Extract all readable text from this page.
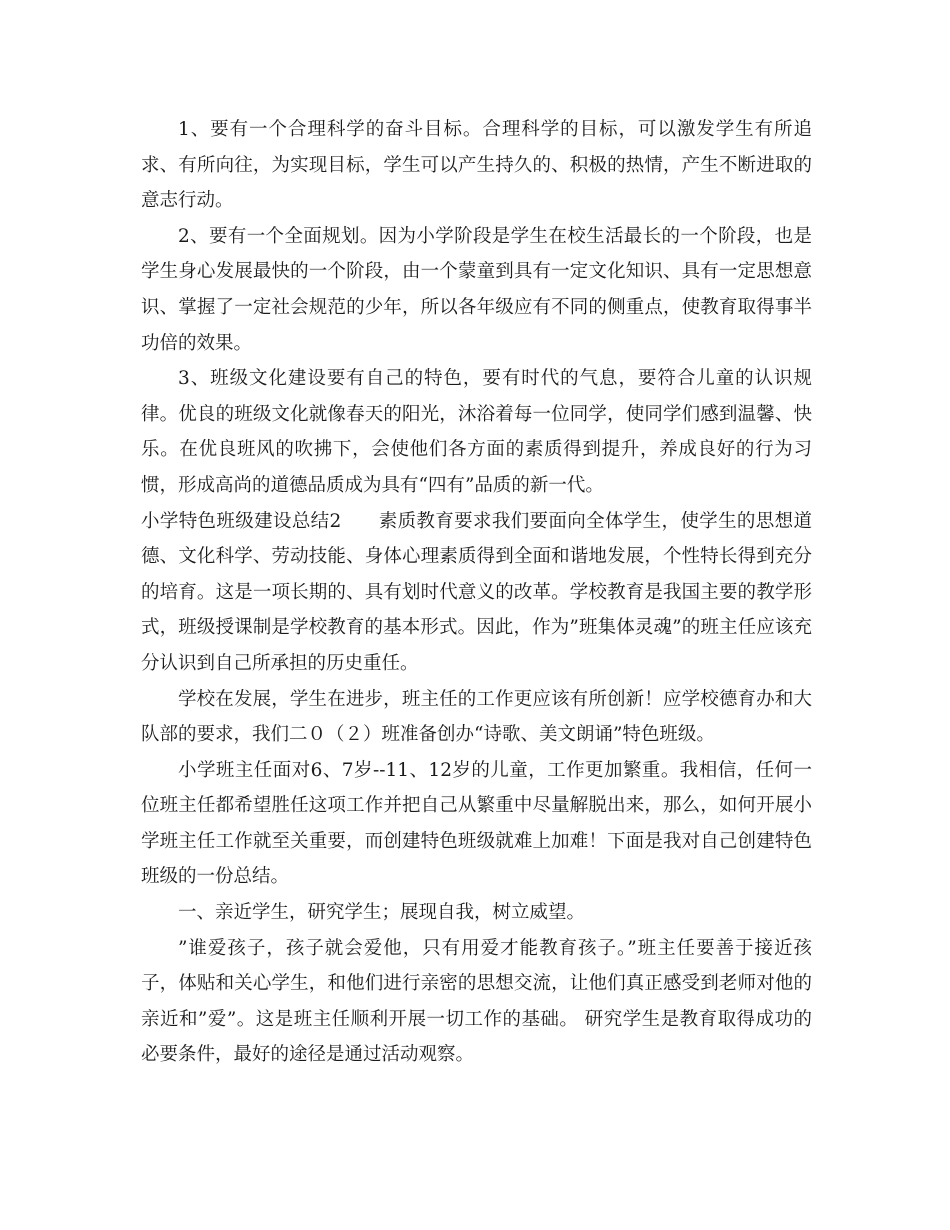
1、要有一个合理科学的奋斗目标。合理科学的目标，可以激发学生有所追求、有所向往，为实现目标，学生可以产生持久的、积极的热情，产生不断进取的意志行动。

2、要有一个全面规划。因为小学阶段是学生在校生活最长的一个阶段，也是学生身心发展最快的一个阶段，由一个蒙童到具有一定文化知识、具有一定思想意识、掌握了一定社会规范的少年，所以各年级应有不同的侧重点，使教育取得事半功倍的效果。

3、班级文化建设要有自己的特色，要有时代的气息，要符合儿童的认识规律。优良的班级文化就像春天的阳光，沐浴着每一位同学，使同学们感到温馨、快乐。在优良班风的吹拂下，会使他们各方面的素质得到提升，养成良好的行为习惯，形成高尚的道德品质成为具有“四有”品质的新一代。

小学特色班级建设总结2 素质教育要求我们要面向全体学生，使学生的思想道德、文化科学、劳动技能、身体心理素质得到全面和谐地发展，个性特长得到充分的培育。这是一项长期的、具有划时代意义的改革。学校教育是我国主要的教学形式，班级授课制是学校教育的基本形式。因此，作为”班集体灵魂”的班主任应该充分认识到自己所承担的历史重任。

学校在发展，学生在进步，班主任的工作更应该有所创新！应学校德育办和大队部的要求，我们二０（２）班准备创办“诗歌、美文朗诵”特色班级。

小学班主任面对6、7岁--11、12岁的儿童，工作更加繁重。我相信，任何一位班主任都希望胜任这项工作并把自己从繁重中尽量解脱出来，那么，如何开展小学班主任工作就至关重要，而创建特色班级就难上加难！下面是我对自己创建特色班级的一份总结。

一、亲近学生，研究学生；展现自我，树立威望。

”谁爱孩子，孩子就会爱他，只有用爱才能教育孩子。”班主任要善于接近孩子，体贴和关心学生，和他们进行亲密的思想交流，让他们真正感受到老师对他的亲近和”爱”。这是班主任顺利开展一切工作的基础。 研究学生是教育取得成功的必要条件，最好的途径是通过活动观察。
